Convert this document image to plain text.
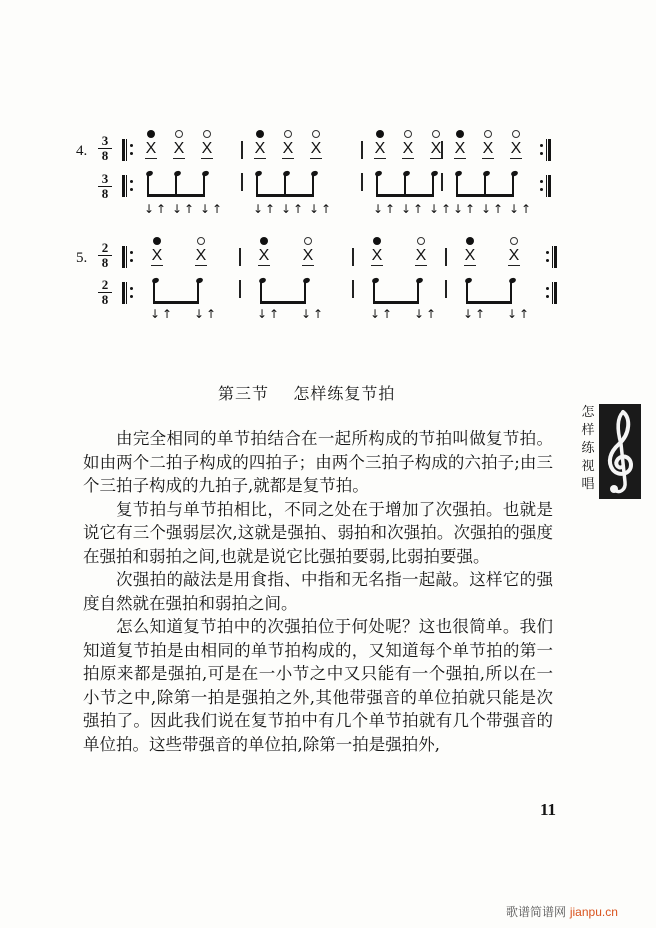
4.
3
8
3
8
X X X
↓↑ ↓↑ ↓↑
X X X
↓↑ ↓↑ ↓↑
X X X
↓↑ ↓↑ ↓↑
X X X
↓↑ ↓↑ ↓↑
5.
2
8
2
8
X X
↓↑ ↓↑
X X
↓↑ ↓↑
X X
↓↑ ↓↑
X X
↓↑ ↓↑
第三节    怎样练复节拍

由完全相同的单节拍结合在一起所构成的节拍叫做复节拍。如由两个二拍子构成的四拍子；由两个三拍子构成的六拍子;由三个三拍子构成的九拍子,就都是复节拍。

复节拍与单节拍相比，不同之处在于增加了次强拍。也就是说它有三个强弱层次,这就是强拍、弱拍和次强拍。次强拍的强度在强拍和弱拍之间,也就是说它比强拍要弱,比弱拍要强。

次强拍的敲法是用食指、中指和无名指一起敲。这样它的强度自然就在强拍和弱拍之间。

怎么知道复节拍中的次强拍位于何处呢？这也很简单。我们知道复节拍是由相同的单节拍构成的，又知道每个单节拍的第一拍原来都是强拍,可是在一小节之中又只能有一个强拍,所以在一小节之中,除第一拍是强拍之外,其他带强音的单位拍就只能是次强拍了。因此我们说在复节拍中有几个单节拍就有几个带强音的单位拍。这些带强音的单位拍,除第一拍是强拍外,

怎
样
练
视
唱
11
歌谱简谱网 jianpu.cn
